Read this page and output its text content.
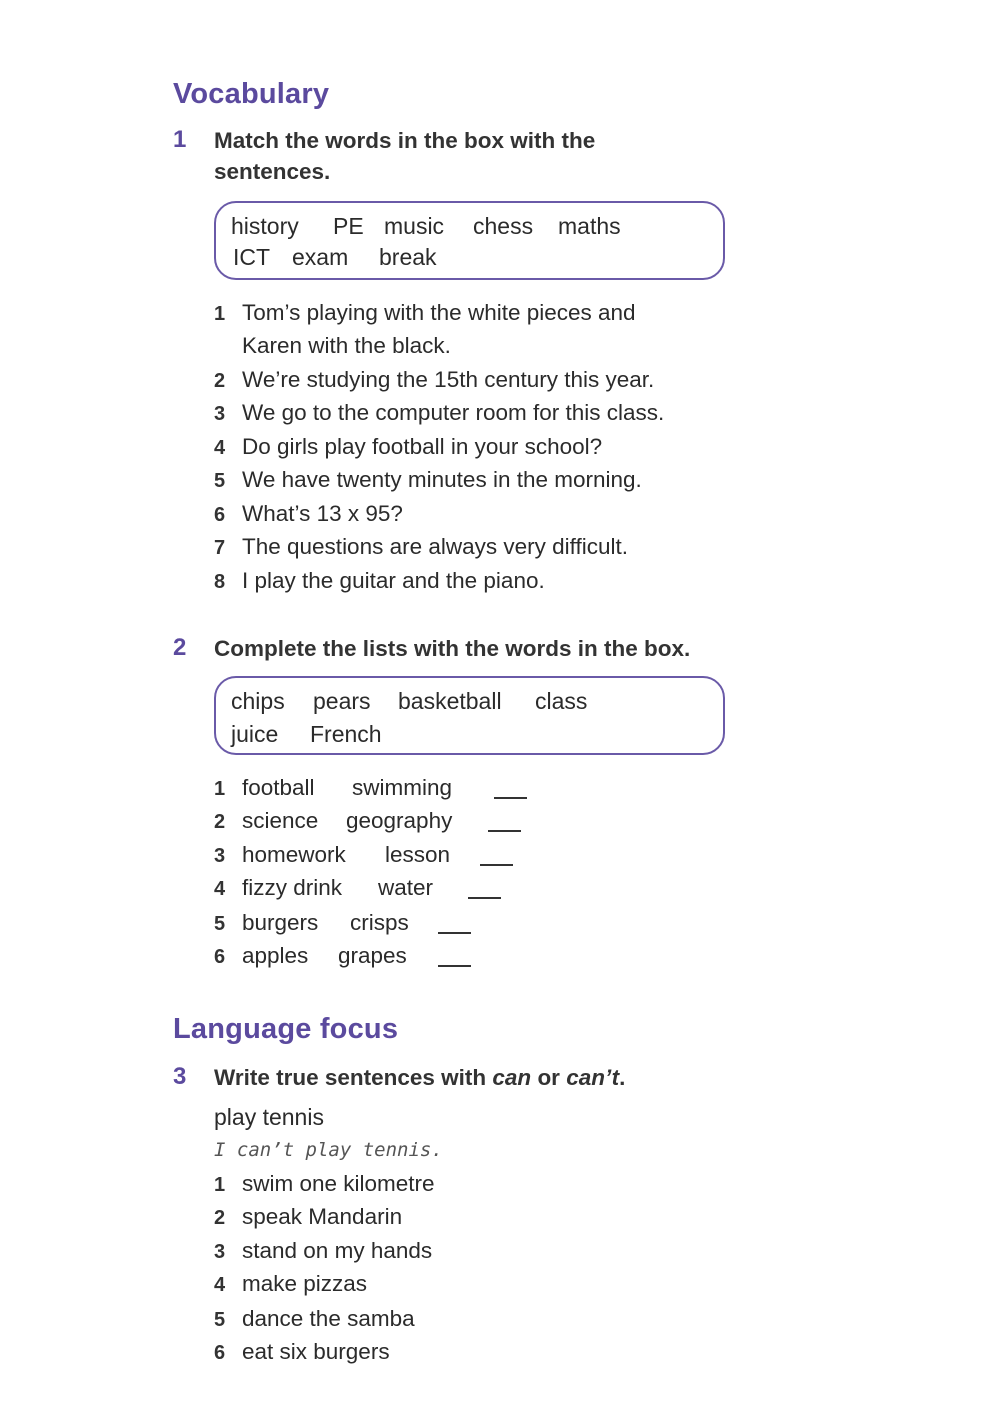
Vocabulary
1 Match the words in the box with the
sentences.
history PE music chess maths
ICT exam break
1 Tom’s playing with the white pieces and
Karen with the black.
2 We’re studying the 15th century this year.
3 We go to the computer room for this class.
4 Do girls play football in your school?
5 We have twenty minutes in the morning.
6 What’s 13 x 95?
7 The questions are always very difficult.
8 I play the guitar and the piano.
2 Complete the lists with the words in the box.
chips pears basketball class
juice French
1 football swimming
2 science geography
3 homework lesson
4 fizzy drink water
5 burgers crisps
6 apples grapes
Language focus
3 Write true sentences with can or can’t.
play tennis
I can’t play tennis.
1 swim one kilometre
2 speak Mandarin
3 stand on my hands
4 make pizzas
5 dance the samba
6 eat six burgers
